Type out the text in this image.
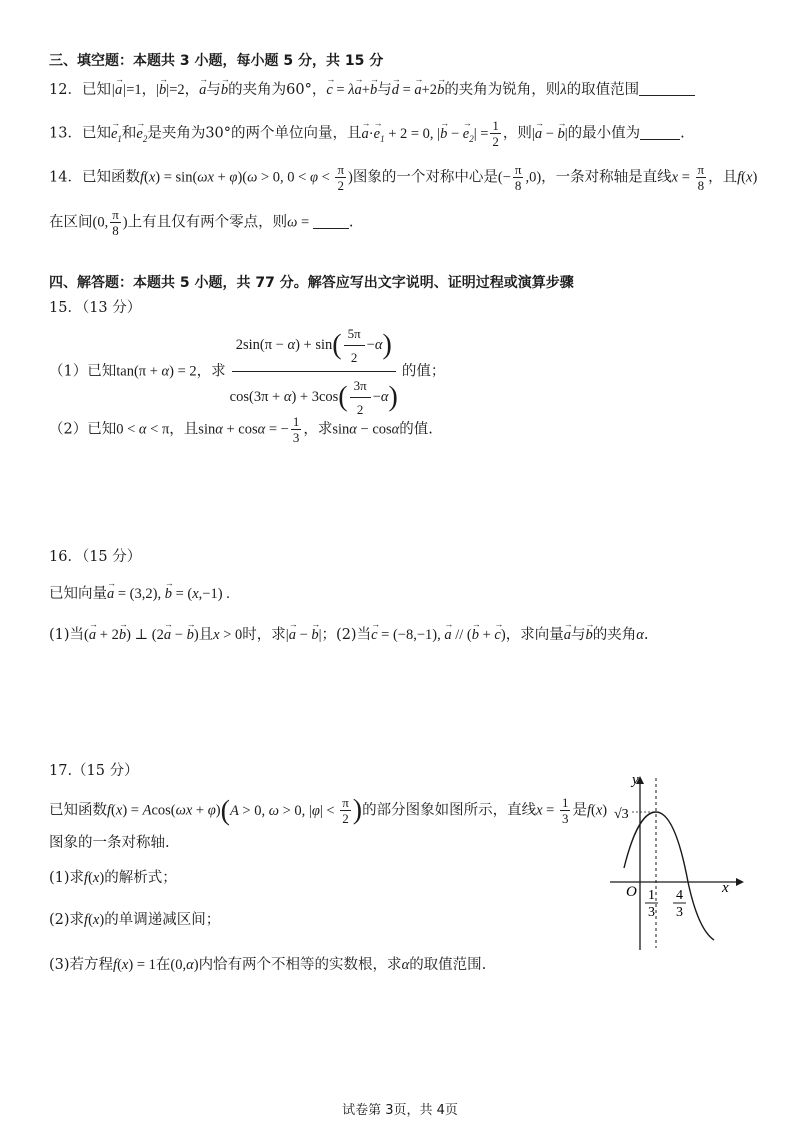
三、填空题：本题共 3 小题，每小题 5 分，共 15 分
12．已知|→ a|=1，|→ b|=2，→ a与→ b的夹角为60°，→ c = λ→ a+→ b与→ d = → a+2→ b的夹角为锐角，则λ的取值范围
13．已知→ $e_1$和→ $e_2$是夹角为30°的两个单位向量，且→ $a\cdot\to e_1 + 2 = 0$, |→ b − → $e_2| = \frac{1}{2}$ ，则|→ a − → b|的最小值为	.
14．已知函数f(x) = sin(ωx + φ)(ω > 0, $0 < \varphi < \frac{\pi}{2}$ )图象的一个对称中心是(− $\frac{\pi}{8} ,0$)，一条对称轴是直线$x = \frac{\pi}{8}$ ，且f(x)
在区间(0, $\frac{\pi}{8}$ )上有且仅有两个零点，则ω = .
四、解答题：本题共 5 小题，共 77 分。解答应写出文字说明、证明过程或演算步骤
15．（13 分）
（1）已知tan(π + α) = 2，求 $\frac{2\sin(\pi - \alpha) + \sin( \frac{5\pi}{2} -\alpha)}{\cos(3\pi + \alpha) + 3\cos( \frac{3\pi}{2} -\alpha)}$ 的值；
（2）已知0 < α < π，且sinα + cosα = − $\frac{1}{3}$ ，求sinα − cosα的值.
16．（15 分）
已知向量→ a = (3,2), → b = (x,−1) .
(1)当(→ a + 2→ b) ⊥ (2→ a − → b)且x > 0时，求|→ a − → b|；(2)当→ c = (−8,−1), → a // (→ b + → c)，求向量→ a与→ b的夹角α.
17.（15 分）
已知函数f(x) = Acos(ωx + φ)(A > 0, ω > 0, $|\varphi| < \frac{\pi}{2}$ )的部分图象如图所示，直线$x = \frac{1}{3}$ 是f(x)
图象的一条对称轴.
(1)求f(x)的解析式；
(2)求f(x)的单调递减区间；
(3)若方程f(x) = 1在(0,α)内恰有两个不相等的实数根，求α的取值范围.
y
x
O
√3
1
3
4
3
试卷第 3页，共 4页
